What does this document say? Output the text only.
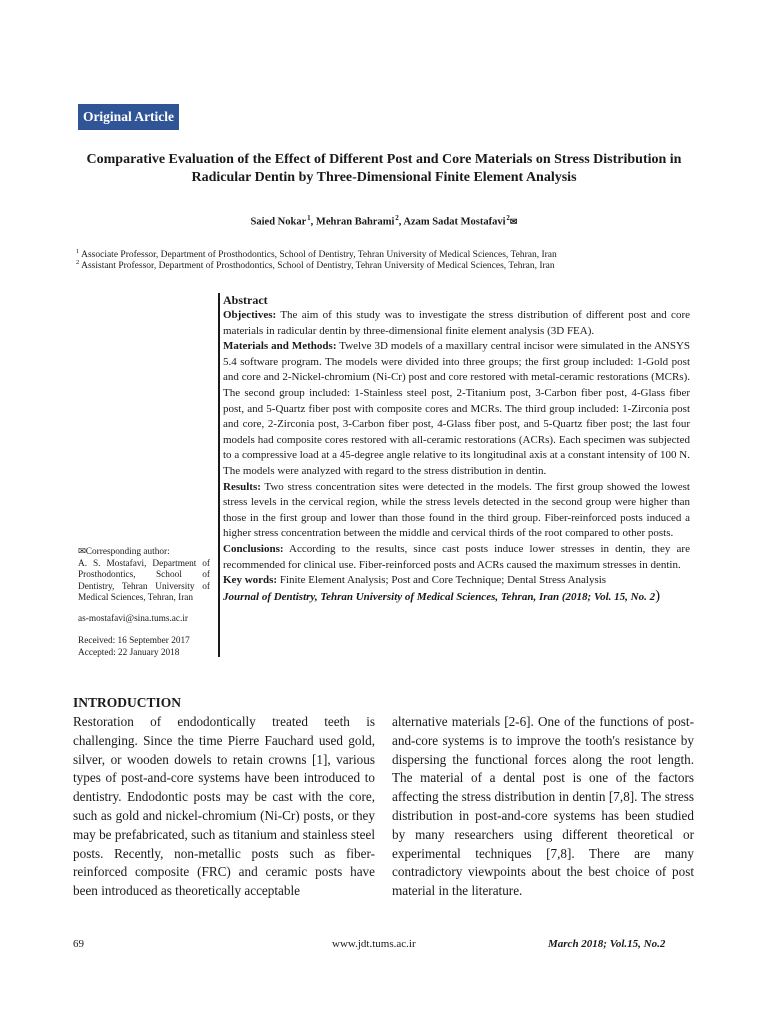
Original Article
Comparative Evaluation of the Effect of Different Post and Core Materials on Stress Distribution in Radicular Dentin by Three-Dimensional Finite Element Analysis
Saied Nokar $^1$, Mehran Bahrami $^2$, Azam Sadat Mostafavi $^2$✉
$^1$ Associate Professor, Department of Prosthodontics, School of Dentistry, Tehran University of Medical Sciences, Tehran, Iran
$^2$ Assistant Professor, Department of Prosthodontics, School of Dentistry, Tehran University of Medical Sciences, Tehran, Iran

Abstract

Objectives: The aim of this study was to investigate the stress distribution of different post and core materials in radicular dentin by three-dimensional finite element analysis (3D FEA).

Materials and Methods: Twelve 3D models of a maxillary central incisor were simulated in the ANSYS 5.4 software program. The models were divided into three groups; the first group included: 1-Gold post and core and 2-Nickel-chromium (Ni-Cr) post and core restored with metal-ceramic restorations (MCRs). The second group included: 1-Stainless steel post, 2-Titanium post, 3-Carbon fiber post, 4-Glass fiber post, and 5-Quartz fiber post with composite cores and MCRs. The third group included: 1-Zirconia post and core, 2-Zirconia post, 3-Carbon fiber post, 4-Glass fiber post, and 5-Quartz fiber post; the last four models had composite cores restored with all-ceramic restorations (ACRs). Each specimen was subjected to a compressive load at a 45-degree angle relative to its longitudinal axis at a constant intensity of 100 N. The models were analyzed with regard to the stress distribution in dentin.

Results: Two stress concentration sites were detected in the models. The first group showed the lowest stress levels in the cervical region, while the stress levels detected in the second group were higher than those in the first group and lower than those found in the third group. Fiber-reinforced posts induced a higher stress concentration between the middle and cervical thirds of the root compared to other posts.

Conclusions: According to the results, since cast posts induce lower stresses in dentin, they are recommended for clinical use. Fiber-reinforced posts and ACRs caused the maximum stresses in dentin.

Key words: Finite Element Analysis; Post and Core Technique; Dental Stress Analysis

Journal of Dentistry, Tehran University of Medical Sciences, Tehran, Iran (2018; Vol. 15, No. 2)

✉Corresponding author:
A. S. Mostafavi, Department of Prosthodontics, School of Dentistry, Tehran University of Medical Sciences, Tehran, Iran
as-mostafavi@sina.tums.ac.ir
Received: 16 September 2017
Accepted: 22 January 2018
INTRODUCTION
Restoration of endodontically treated teeth is challenging. Since the time Pierre Fauchard used gold, silver, or wooden dowels to retain crowns [1], various types of post-and-core systems have been introduced to dentistry. Endodontic posts may be cast with the core, such as gold and nickel-chromium (Ni-Cr) posts, or they may be prefabricated, such as titanium and stainless steel posts. Recently, non-metallic posts such as fiber-reinforced composite (FRC) and ceramic posts have been introduced as theoretically acceptable
alternative materials [2-6]. One of the functions of post-and-core systems is to improve the tooth's resistance by dispersing the functional forces along the root length. The material of a dental post is one of the factors affecting the stress distribution in dentin [7,8]. The stress distribution in post-and-core systems has been studied by many researchers using different theoretical or experimental techniques [7,8]. There are many contradictory viewpoints about the best choice of post material in the literature.
69	www.jdt.tums.ac.ir	March 2018; Vol.15, No.2
